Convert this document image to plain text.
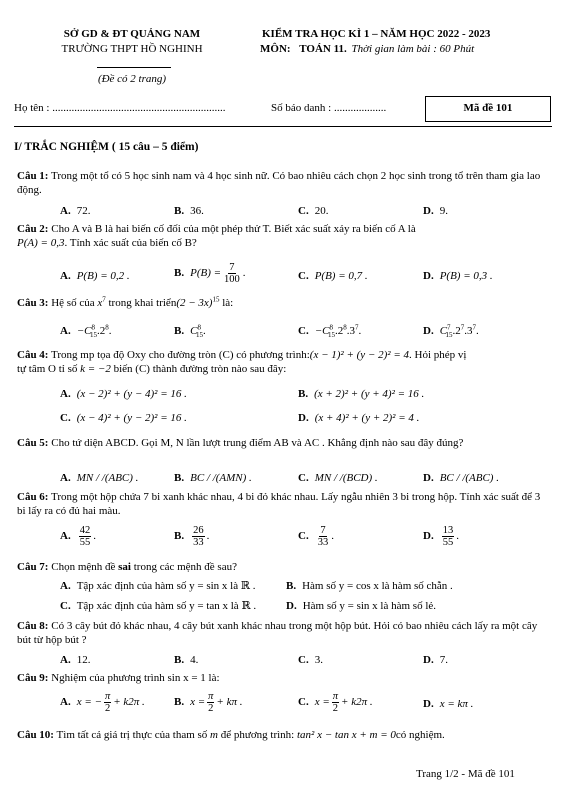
SỞ GD & ĐT QUẢNG NAM
TRƯỜNG THPT HỒ NGHINH
(Đề có 2 trang)
KIỂM TRA HỌC KÌ 1 – NĂM HỌC 2022 - 2023
MÔN: TOÁN 11. Thời gian làm bài : 60 Phút
Họ tên : ...............................................................	Số báo danh : ...................	Mã đề 101
I/ TRẮC NGHIỆM ( 15 câu – 5 điểm)
Câu 1: Trong một tổ có 5 học sinh nam và 4 học sinh nữ. Có bao nhiêu cách chọn 2 học sinh trong tổ trên tham gia lao động.
A. 72.	B. 36.	C. 20.	D. 9.
Câu 2: Cho A và B là hai biến cố đối của một phép thử T. Biết xác suất xảy ra biến cố A là
P(A) = 0,3. Tính xác suất của biến cố B?
A. P(B) = 0,2 .	B. $P(B) = \frac{7}{100}$ .	C. P(B) = 0,7 .	D. P(B) = 0,3 .
Câu 3: Hệ số của $x^7$ trong khai triển(2 − 3x)$^{15}$ là:
A. $-C^8_{15}.2^8$.	B. $C^8_{15}$.	C. $-C^8_{15}.2^8.3^7$.	D. $C^7_{15}.2^7.3^7$.
Câu 4: Trong mp tọa độ Oxy cho đường tròn (C) có phương trình:(x − 1)² + (y − 2)² = 4. Hỏi phép vị
tự tâm O tỉ số k = −2 biến (C) thành đường tròn nào sau đây:
A. (x − 2)² + (y − 4)² = 16 .	B. (x + 2)² + (y + 4)² = 16 .
C. (x − 4)² + (y − 2)² = 16 .	D. (x + 4)² + (y + 2)² = 4 .
Câu 5: Cho tứ diện ABCD. Gọi M, N lần lượt trung điểm AB và AC . Khẳng định nào sau đây đúng?
A. MN / /(ABC) .	B. BC / /(AMN) .	C. MN / /(BCD) .	D. BC / /(ABC) .
Câu 6: Trong một hộp chứa 7 bi xanh khác nhau, 4 bi đỏ khác nhau. Lấy ngẫu nhiên 3 bi trong hộp. Tính xác suất để 3 bi lấy ra có đủ hai màu.
A. $\frac{42}{55}$ .	B. $\frac{26}{33}$ .	C. $\frac{7}{33}$ .	D. $\frac{13}{55}$ .
Câu 7: Chọn mệnh đề sai trong các mệnh đề sau?
A. Tập xác định của hàm số y = sin x là ℝ .	B. Hàm số y = cos x là hàm số chẵn .
C. Tập xác định của hàm số y = tan x là ℝ .	D. Hàm số y = sin x là hàm số lẻ.
Câu 8: Có 3 cây bút đỏ khác nhau, 4 cây bút xanh khác nhau trong một hộp bút. Hỏi có bao nhiêu cách lấy ra một cây bút từ hộp bút ?
A. 12.	B. 4.	C. 3.	D. 7.
Câu 9: Nghiệm của phương trình sin x = 1 là:
A. x = − $\frac{\pi}{2} + k2\pi$ .	B. $x = \frac{\pi}{2} + k\pi$ .	C. $x = \frac{\pi}{2} + k2\pi$ .	D. x = kπ .
Câu 10: Tìm tất cả giá trị thực của tham số m để phương trình: tan² x − tan x + m = 0có nghiệm.
Trang 1/2 - Mã đề 101
